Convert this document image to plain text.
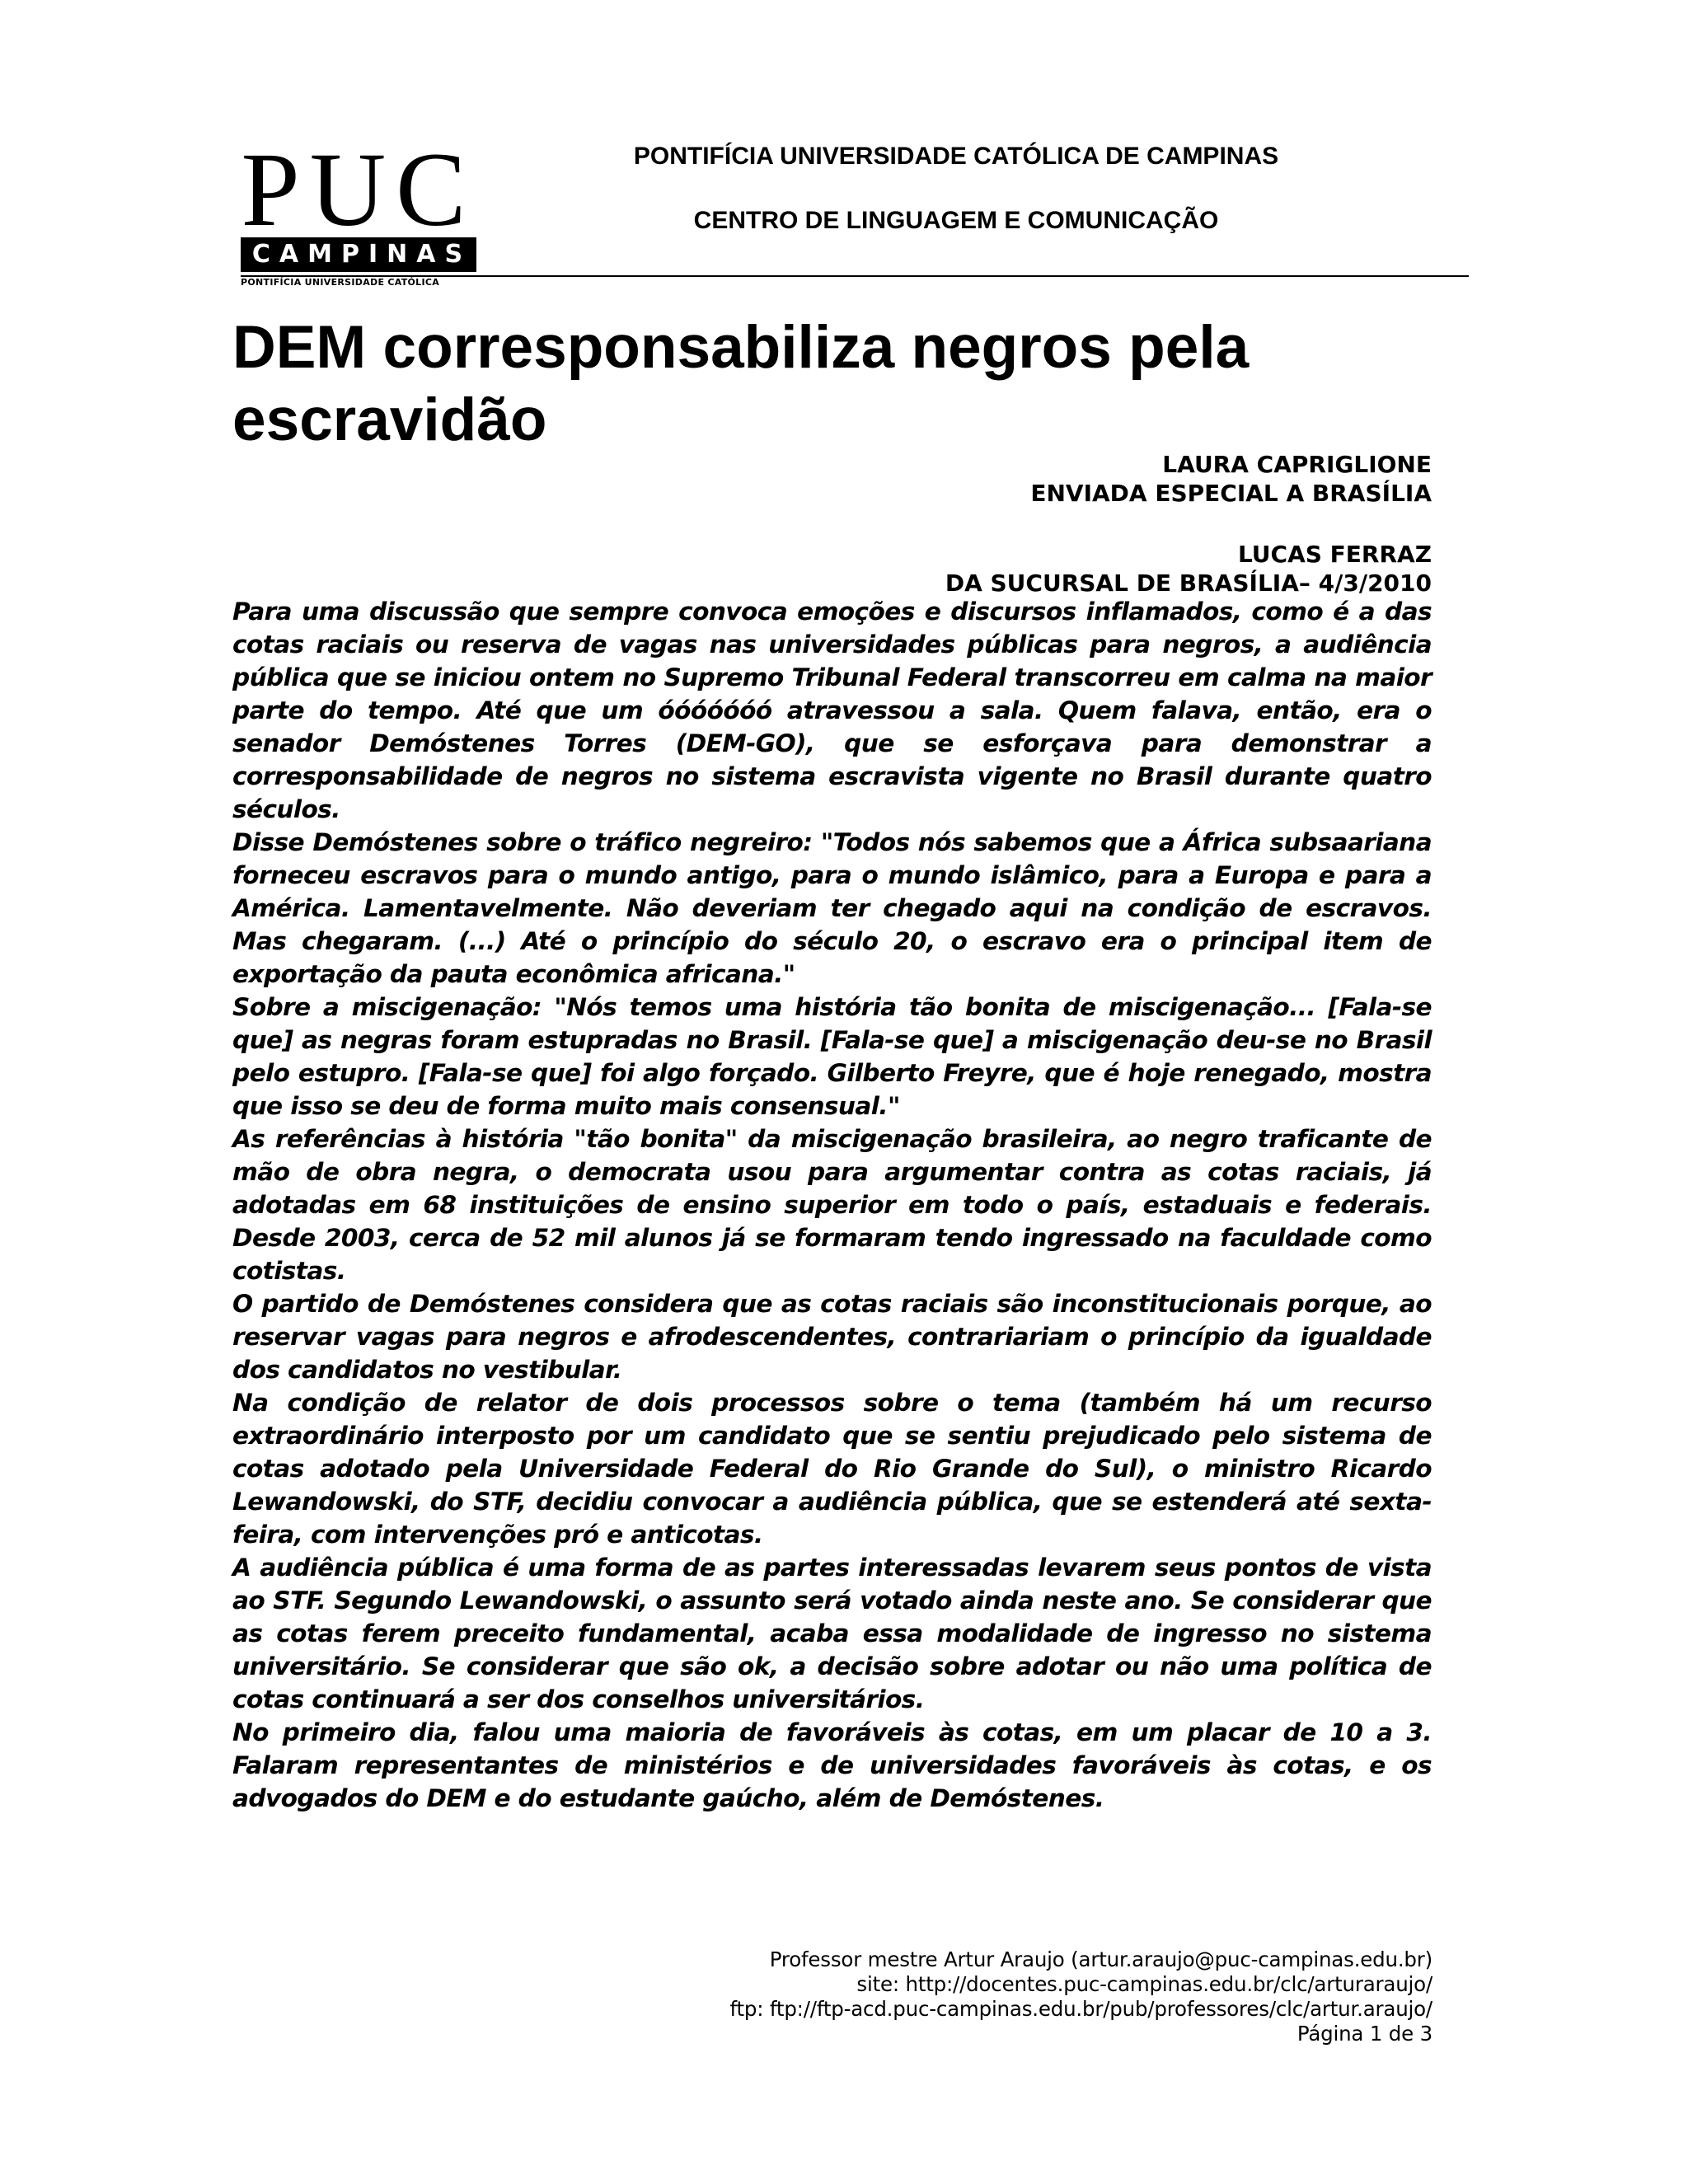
PUC
CAMPINAS
PONTIFÍCIA UNIVERSIDADE CATÓLICA
PONTIFÍCIA UNIVERSIDADE CATÓLICA DE CAMPINAS
CENTRO DE LINGUAGEM E COMUNICAÇÃO
DEM corresponsabiliza negros pela escravidão
LAURA CAPRIGLIONE
ENVIADA ESPECIAL A BRASÍLIA
LUCAS FERRAZ
DA SUCURSAL DE BRASÍLIA– 4/3/2010

Para uma discussão que sempre convoca emoções e discursos inflamados, como é a das cotas raciais ou reserva de vagas nas universidades públicas para negros, a audiência pública que se iniciou ontem no Supremo Tribunal Federal transcorreu em calma na maior parte do tempo. Até que um óóóóóóó atravessou a sala. Quem falava, então, era o senador Demóstenes Torres (DEM-GO), que se esforçava para demonstrar a corresponsabilidade de negros no sistema escravista vigente no Brasil durante quatro séculos.

Disse Demóstenes sobre o tráfico negreiro: "Todos nós sabemos que a África subsaariana forneceu escravos para o mundo antigo, para o mundo islâmico, para a Europa e para a América. Lamentavelmente. Não deveriam ter chegado aqui na condição de escravos. Mas chegaram. (...) Até o princípio do século 20, o escravo era o principal item de exportação da pauta econômica africana."

Sobre a miscigenação: "Nós temos uma história tão bonita de miscigenação... [Fala-se que] as negras foram estupradas no Brasil. [Fala-se que] a miscigenação deu-se no Brasil pelo estupro. [Fala-se que] foi algo forçado. Gilberto Freyre, que é hoje renegado, mostra que isso se deu de forma muito mais consensual."

As referências à história "tão bonita" da miscigenação brasileira, ao negro traficante de mão de obra negra, o democrata usou para argumentar contra as cotas raciais, já adotadas em 68 instituições de ensino superior em todo o país, estaduais e federais. Desde 2003, cerca de 52 mil alunos já se formaram tendo ingressado na faculdade como cotistas.

O partido de Demóstenes considera que as cotas raciais são inconstitucionais porque, ao reservar vagas para negros e afrodescendentes, contrariariam o princípio da igualdade dos candidatos no vestibular.

Na condição de relator de dois processos sobre o tema (também há um recurso extraordinário interposto por um candidato que se sentiu prejudicado pelo sistema de cotas adotado pela Universidade Federal do Rio Grande do Sul), o ministro Ricardo Lewandowski, do STF, decidiu convocar a audiência pública, que se estenderá até sexta-feira, com intervenções pró e anticotas.

A audiência pública é uma forma de as partes interessadas levarem seus pontos de vista ao STF. Segundo Lewandowski, o assunto será votado ainda neste ano. Se considerar que as cotas ferem preceito fundamental, acaba essa modalidade de ingresso no sistema universitário. Se considerar que são ok, a decisão sobre adotar ou não uma política de cotas continuará a ser dos conselhos universitários.

No primeiro dia, falou uma maioria de favoráveis às cotas, em um placar de 10 a 3. Falaram representantes de ministérios e de universidades favoráveis às cotas, e os advogados do DEM e do estudante gaúcho, além de Demóstenes.

Professor mestre Artur Araujo (artur.araujo@puc-campinas.edu.br)
site: http://docentes.puc-campinas.edu.br/clc/arturaraujo/
ftp: ftp://ftp-acd.puc-campinas.edu.br/pub/professores/clc/artur.araujo/
Página 1 de 3
